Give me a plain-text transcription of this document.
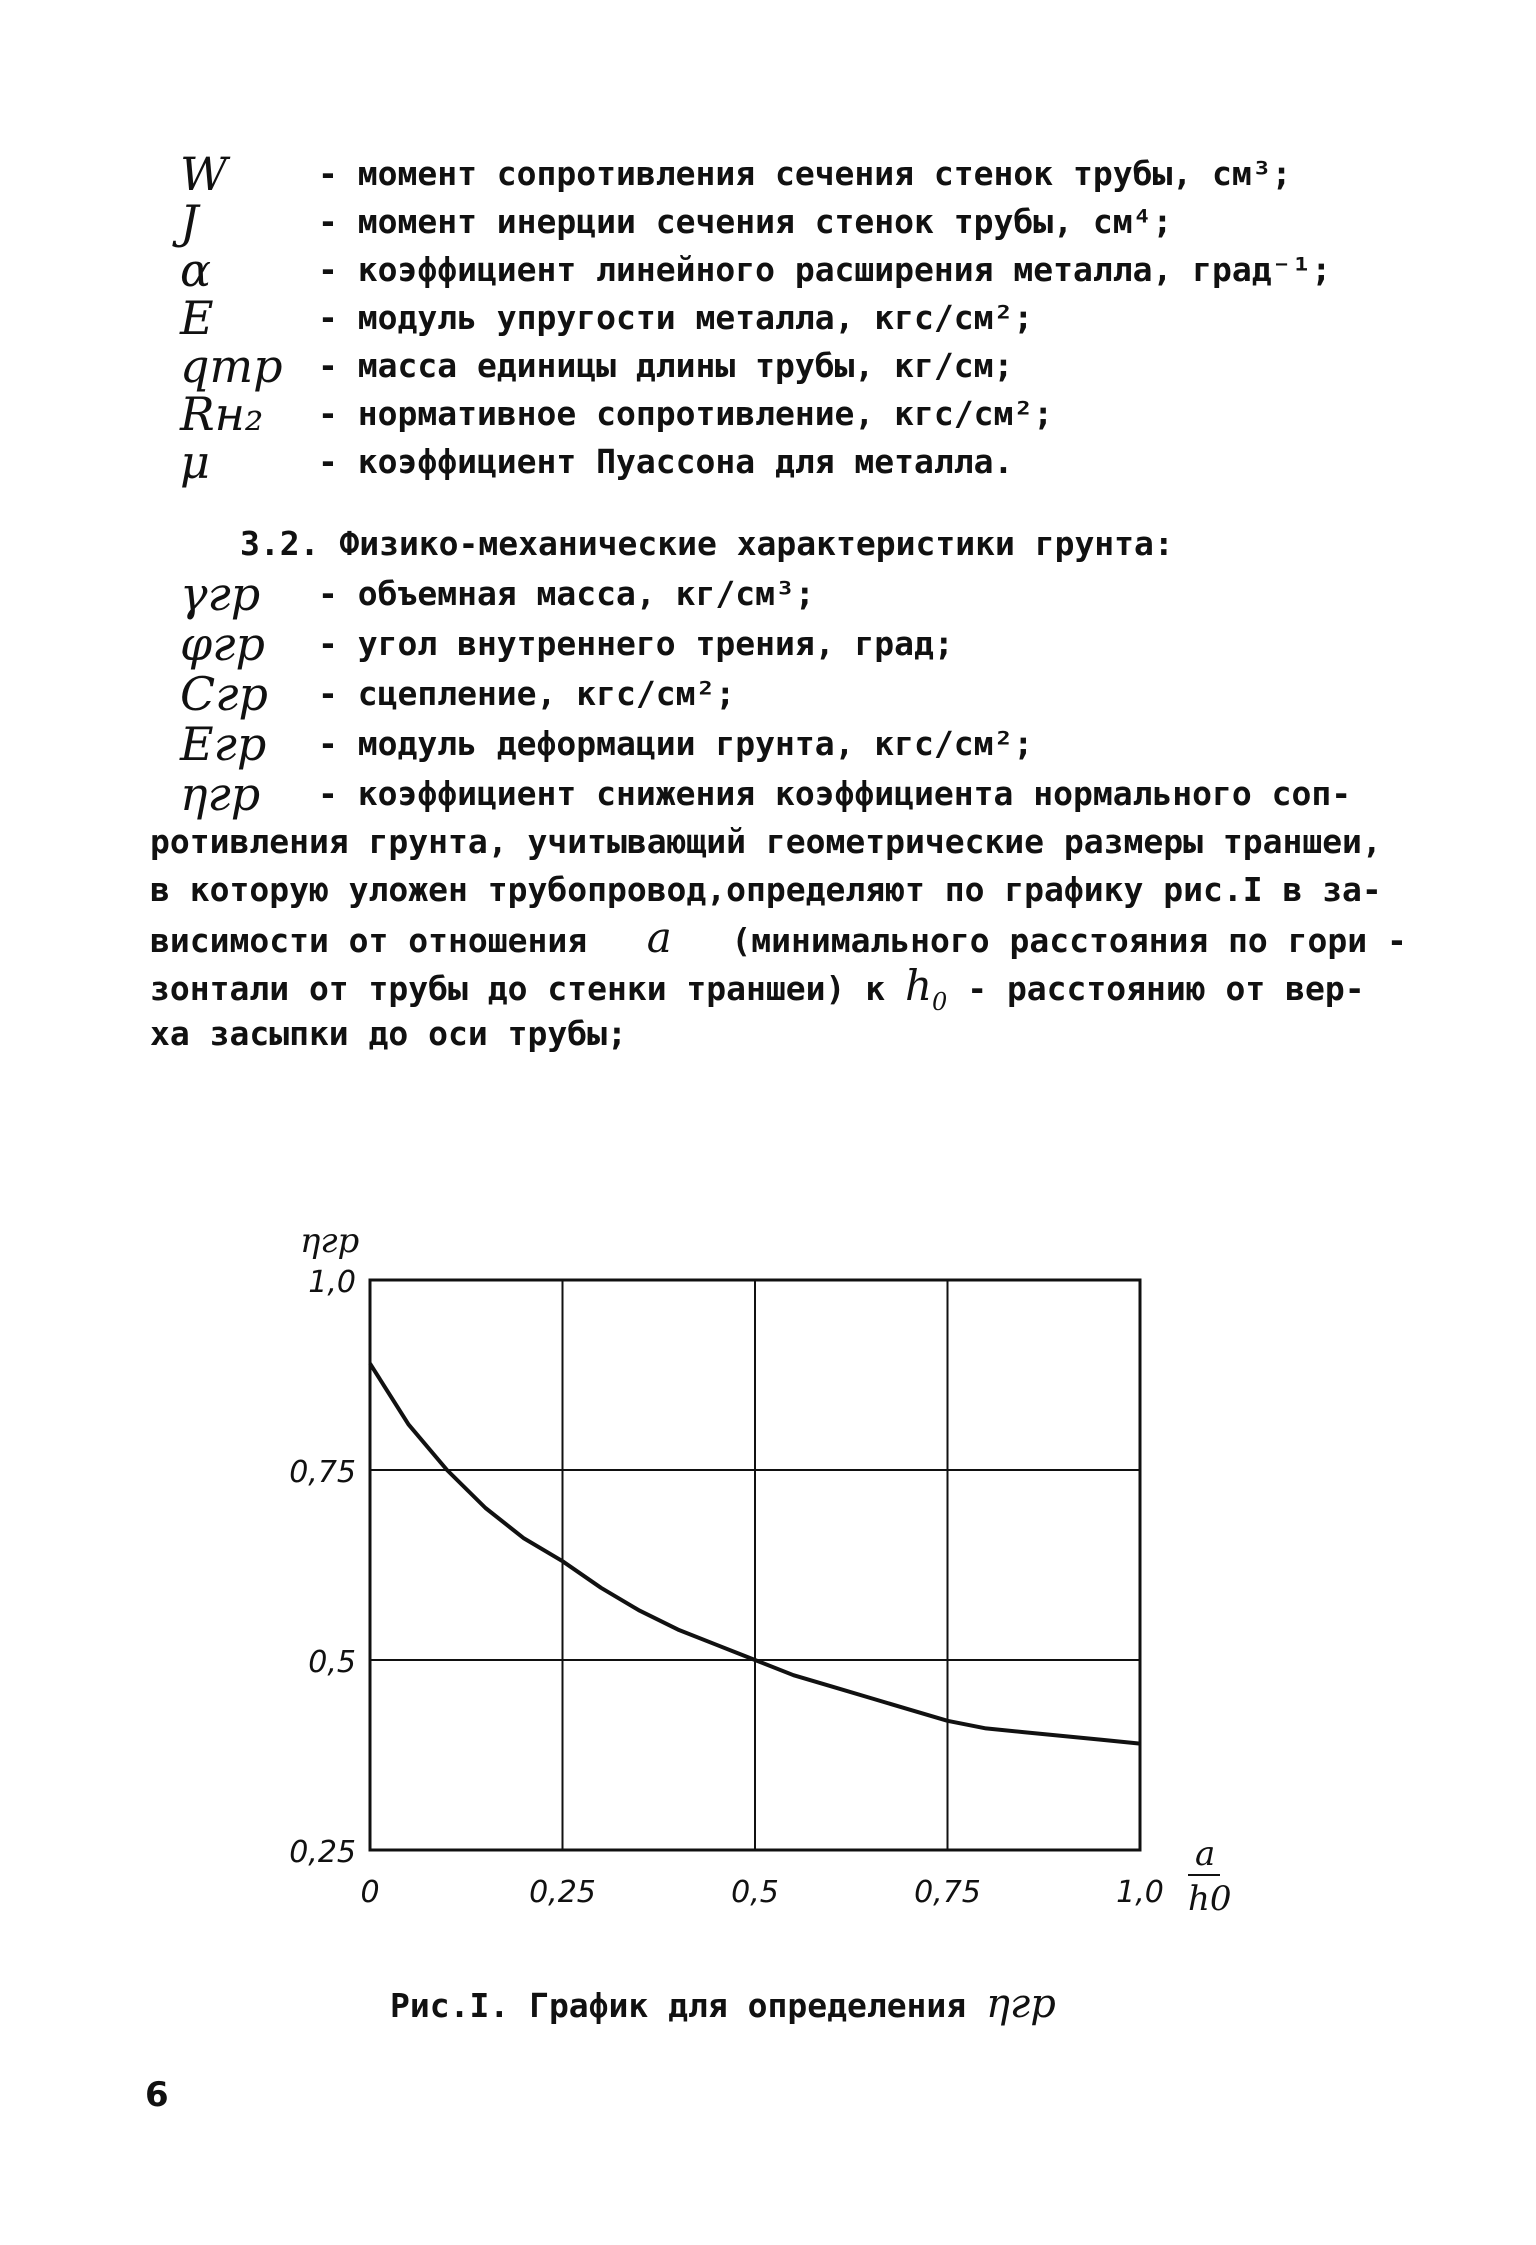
W	- момент сопротивления сечения стенок трубы, см³;
J	- момент инерции сечения стенок трубы, см⁴;
α	- коэффициент линейного расширения металла, град⁻¹;
E	- модуль упругости металла, кгс/см²;
qтр	- масса единицы длины трубы, кг/см;
Rн₂	- нормативное сопротивление, кгс/см²;
μ	- коэффициент Пуассона для металла.
3.2. Физико-механические характеристики грунта:
γгр	- объемная масса, кг/см³;
φгр	- угол внутреннего трения, град;
Cгр	- сцепление, кгс/см²;
Eгр	- модуль деформации грунта, кгс/см²;
ηгр	- коэффициент снижения коэффициента нормального соп-
ротивления грунта, учитывающий геометрические размеры траншеи,
в которую уложен трубопровод,определяют по графику рис.I в за-
висимости от отношения a (минимального расстояния по гори -
зонтали от трубы до стенки траншеи) к $h_0$ - расстоянию от вер-
ха засыпки до оси трубы;
0	0,25	0,5	0,75	1,0
0,25
0,5
0,75
1,0
ηгр
a
h0
Рис.I. График для определения ηгр
6
